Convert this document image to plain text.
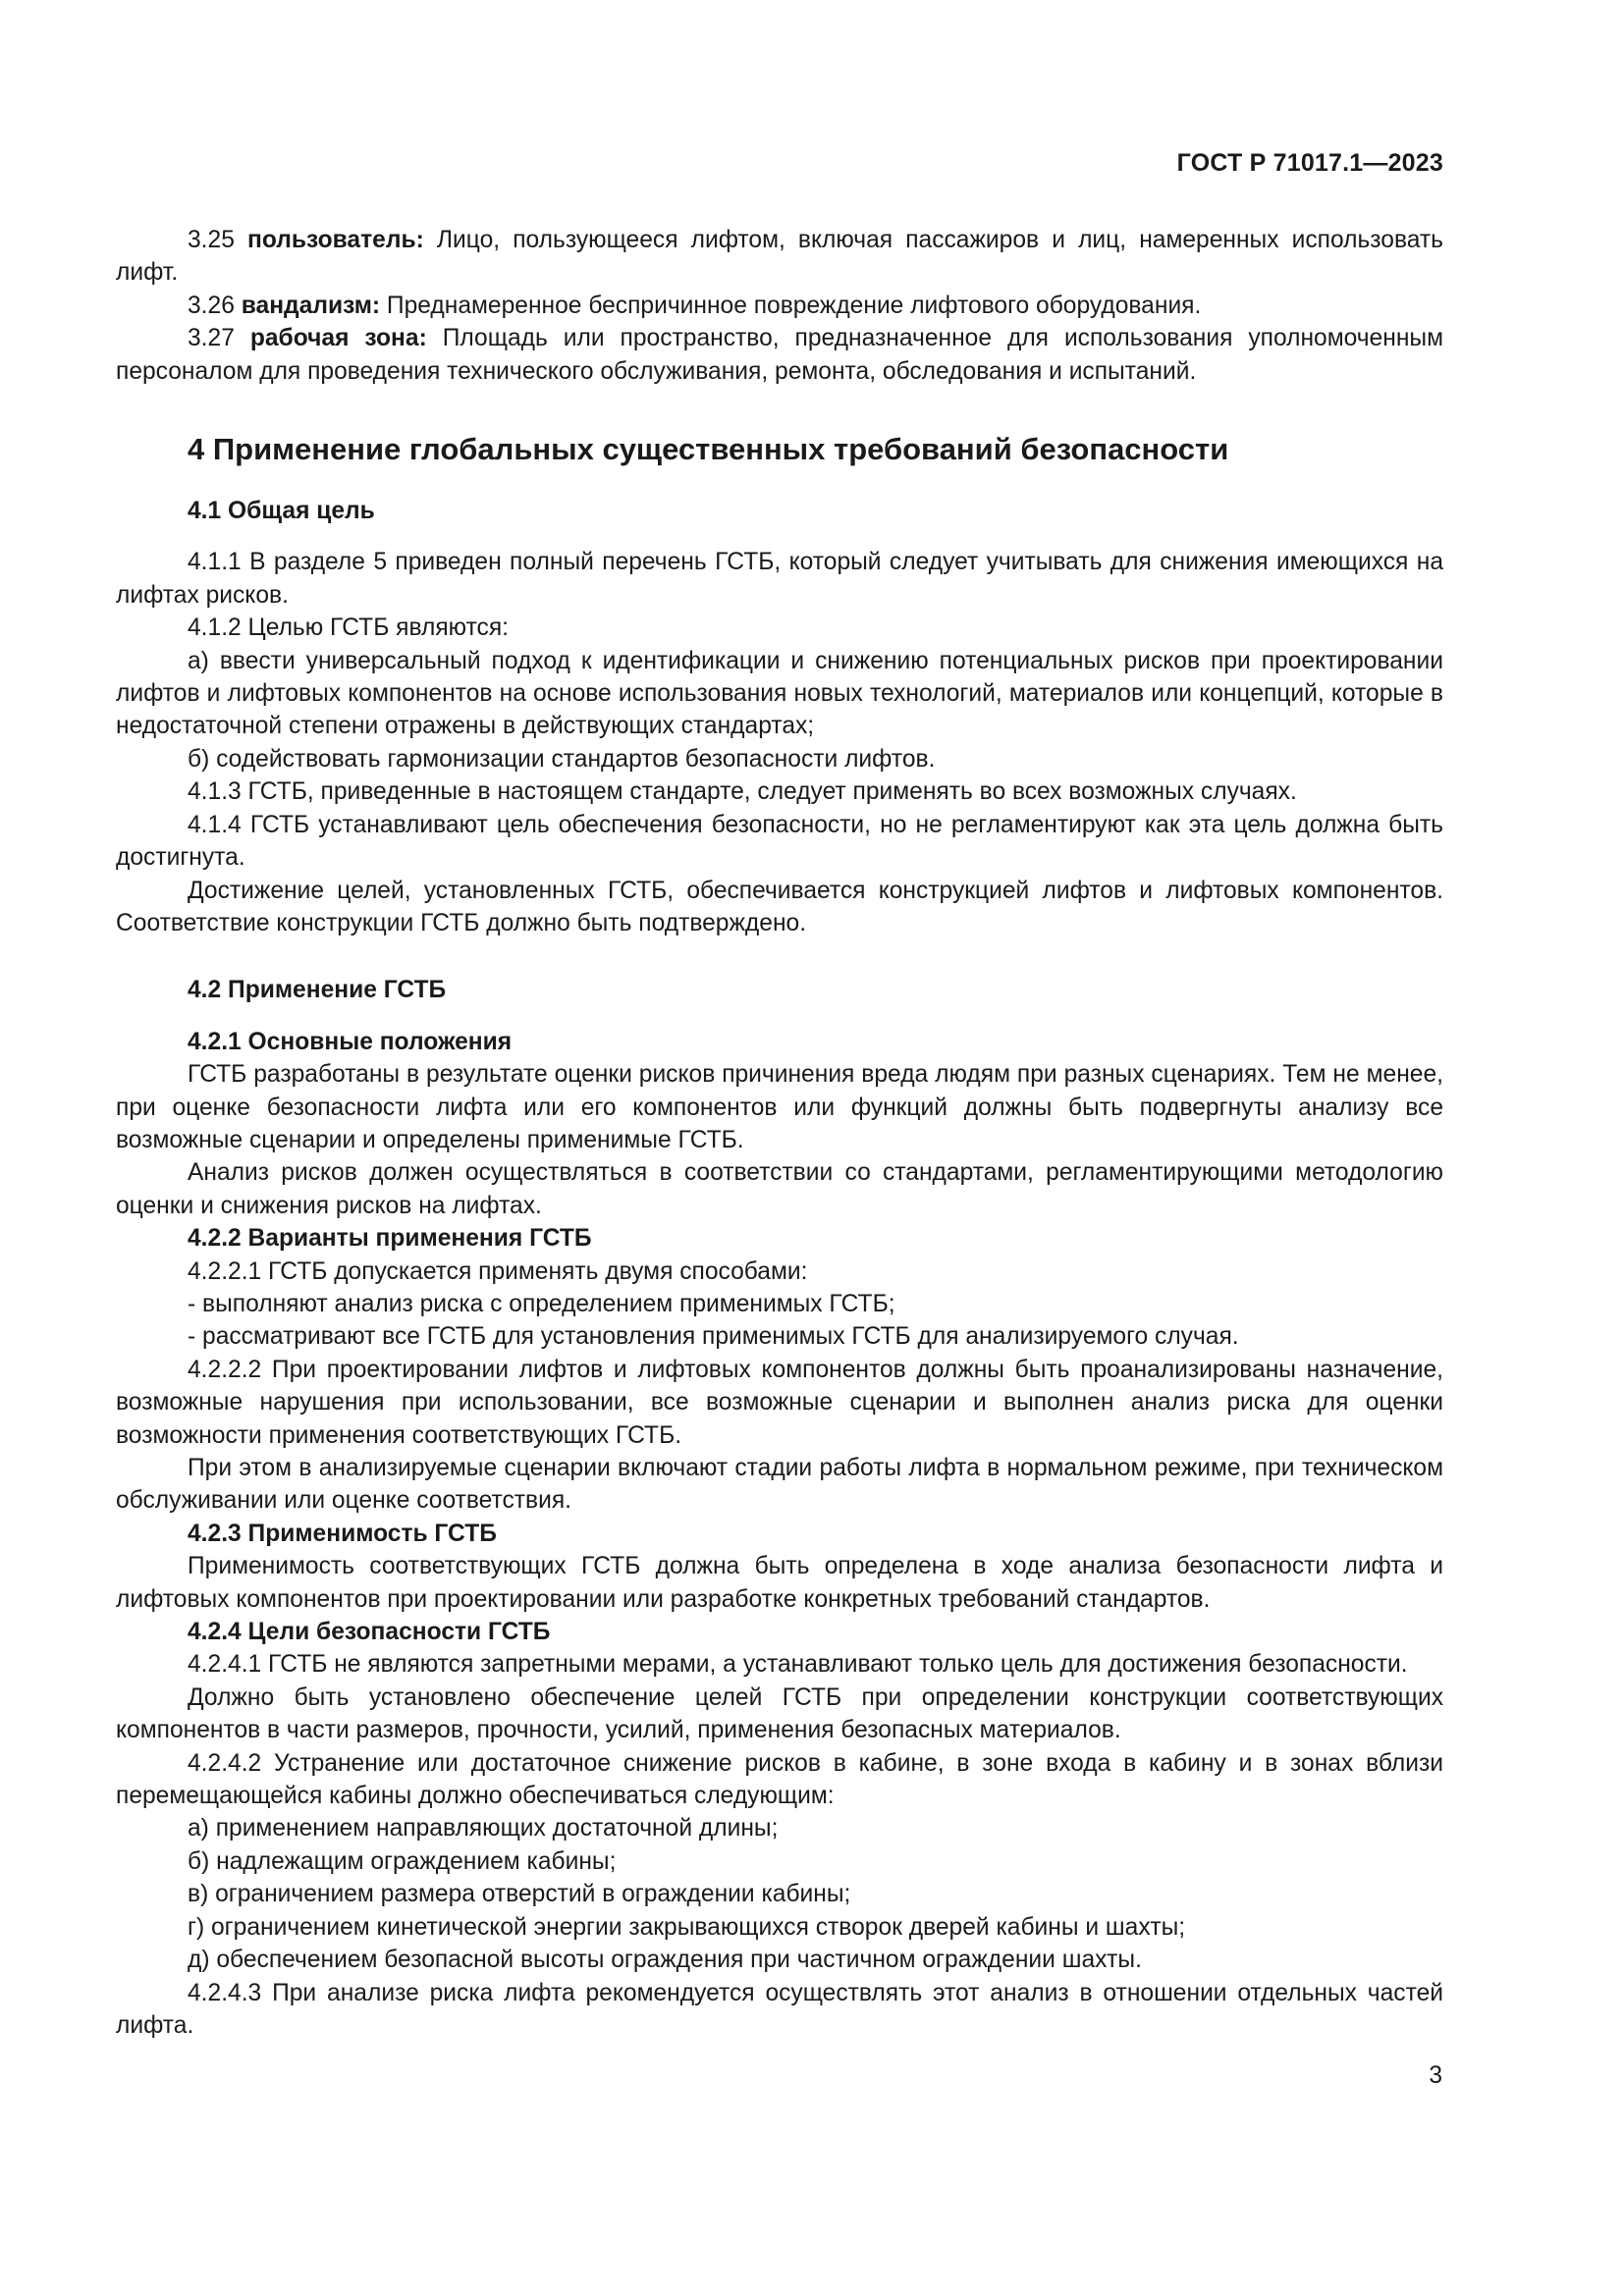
ГОСТ Р 71017.1—2023

3.25 пользователь: Лицо, пользующееся лифтом, включая пассажиров и лиц, намеренных использовать лифт.

3.26 вандализм: Преднамеренное беспричинное повреждение лифтового оборудования.

3.27 рабочая зона: Площадь или пространство, предназначенное для использования уполномоченным персоналом для проведения технического обслуживания, ремонта, обследования и испытаний.

4 Применение глобальных существенных требований безопасности
4.1 Общая цель

4.1.1 В разделе 5 приведен полный перечень ГСТБ, который следует учитывать для снижения имеющихся на лифтах рисков.

4.1.2 Целью ГСТБ являются:

а) ввести универсальный подход к идентификации и снижению потенциальных рисков при проектировании лифтов и лифтовых компонентов на основе использования новых технологий, материалов или концепций, которые в недостаточной степени отражены в действующих стандартах;

б) содействовать гармонизации стандартов безопасности лифтов.

4.1.3 ГСТБ, приведенные в настоящем стандарте, следует применять во всех возможных случаях.

4.1.4 ГСТБ устанавливают цель обеспечения безопасности, но не регламентируют как эта цель должна быть достигнута.

Достижение целей, установленных ГСТБ, обеспечивается конструкцией лифтов и лифтовых компонентов. Соответствие конструкции ГСТБ должно быть подтверждено.

4.2 Применение ГСТБ
4.2.1 Основные положения

ГСТБ разработаны в результате оценки рисков причинения вреда людям при разных сценариях. Тем не менее, при оценке безопасности лифта или его компонентов или функций должны быть подвергнуты анализу все возможные сценарии и определены применимые ГСТБ.

Анализ рисков должен осуществляться в соответствии со стандартами, регламентирующими методологию оценки и снижения рисков на лифтах.

4.2.2 Варианты применения ГСТБ

4.2.2.1 ГСТБ допускается применять двумя способами:

- выполняют анализ риска с определением применимых ГСТБ;

- рассматривают все ГСТБ для установления применимых ГСТБ для анализируемого случая.

4.2.2.2 При проектировании лифтов и лифтовых компонентов должны быть проанализированы назначение, возможные нарушения при использовании, все возможные сценарии и выполнен анализ риска для оценки возможности применения соответствующих ГСТБ.

При этом в анализируемые сценарии включают стадии работы лифта в нормальном режиме, при техническом обслуживании или оценке соответствия.

4.2.3 Применимость ГСТБ

Применимость соответствующих ГСТБ должна быть определена в ходе анализа безопасности лифта и лифтовых компонентов при проектировании или разработке конкретных требований стандартов.

4.2.4 Цели безопасности ГСТБ

4.2.4.1 ГСТБ не являются запретными мерами, а устанавливают только цель для достижения безопасности.

Должно быть установлено обеспечение целей ГСТБ при определении конструкции соответствующих компонентов в части размеров, прочности, усилий, применения безопасных материалов.

4.2.4.2 Устранение или достаточное снижение рисков в кабине, в зоне входа в кабину и в зонах вблизи перемещающейся кабины должно обеспечиваться следующим:

а) применением направляющих достаточной длины;

б) надлежащим ограждением кабины;

в) ограничением размера отверстий в ограждении кабины;

г) ограничением кинетической энергии закрывающихся створок дверей кабины и шахты;

д) обеспечением безопасной высоты ограждения при частичном ограждении шахты.

4.2.4.3 При анализе риска лифта рекомендуется осуществлять этот анализ в отношении отдельных частей лифта.

3
